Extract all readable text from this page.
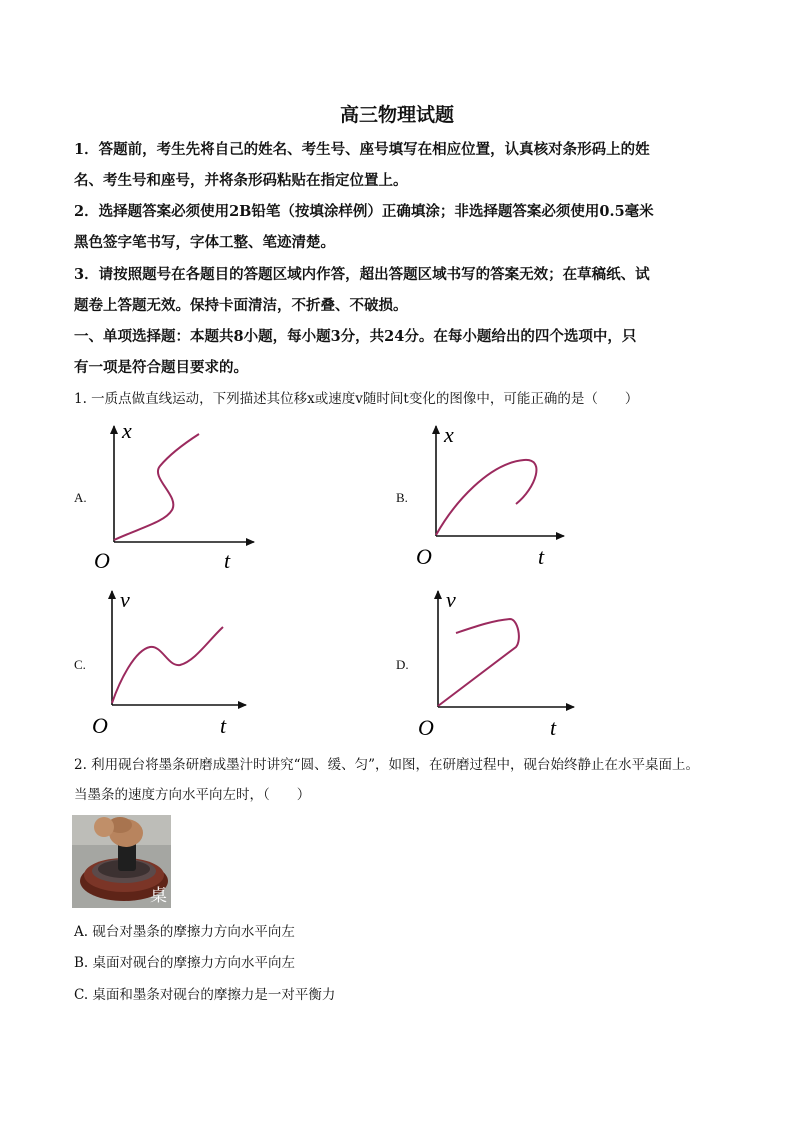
高三物理试题
1．答题前，考生先将自己的姓名、考生号、座号填写在相应位置，认真核对条形码上的姓
名、考生号和座号，并将条形码粘贴在指定位置上。
2．选择题答案必须使用2B铅笔（按填涂样例）正确填涂；非选择题答案必须使用0.5毫米
黑色签字笔书写，字体工整、笔迹清楚。
3．请按照题号在各题目的答题区域内作答，超出答题区域书写的答案无效；在草稿纸、试
题卷上答题无效。保持卡面清洁，不折叠、不破损。
一、单项选择题：本题共8小题，每小题3分，共24分。在每小题给出的四个选项中，只
有一项是符合题目要求的。
1. 一质点做直线运动，下列描述其位移x或速度v随时间t变化的图像中，可能正确的是（　　）
A.	B.
C.	D.
x
t
O
x
t
O
v
t
O
v
t
O
2. 利用砚台将墨条研磨成墨汁时讲究“圆、缓、匀”，如图，在研磨过程中，砚台始终静止在水平桌面上。
当墨条的速度方向水平向左时，（　　）
桌
A. 砚台对墨条的摩擦力方向水平向左
B. 桌面对砚台的摩擦力方向水平向左
C. 桌面和墨条对砚台的摩擦力是一对平衡力
